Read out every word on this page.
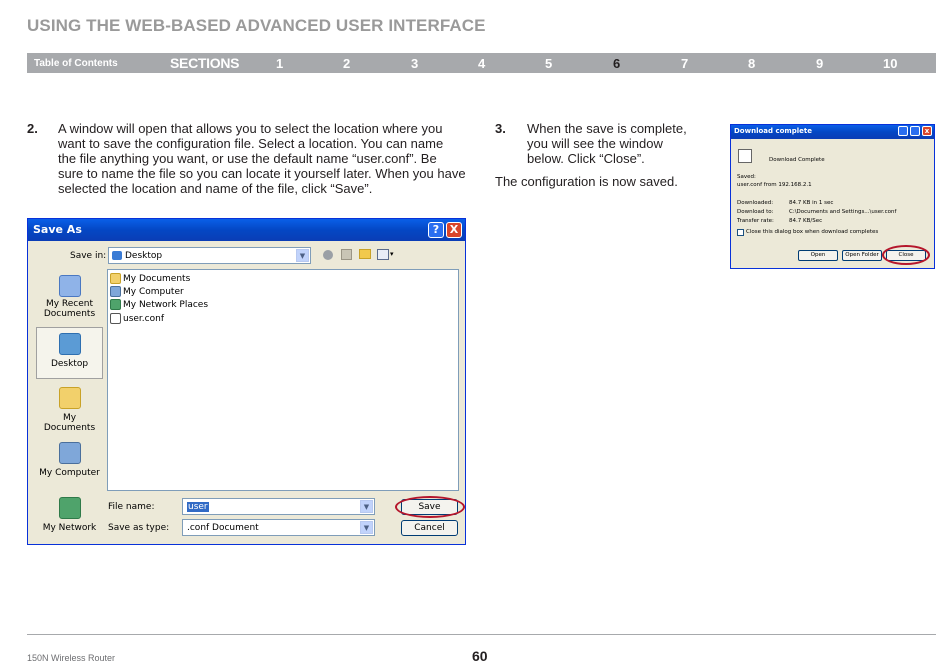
USING THE WEB-BASED ADVANCED USER INTERFACE
Table of Contents	SECTIONS	1	2	3	4	5	6	7	8	9	10
2. A window will open that allows you to select the location where you
want to save the configuration file. Select a location. You can name
the file anything you want, or use the default name “user.conf”. Be
sure to name the file so you can locate it yourself later. When you have
selected the location and name of the file, click “Save”.
3. When the save is complete,
you will see the window
below. Click “Close”.
The configuration is now saved.
Save As	? X
Save in: Desktop	▼	▾
My Recent Documents
Desktop
My Documents
My Computer
My Network
My Documents
My Computer
My Network Places
user.conf
File name:	user	▼
Save as type: .conf Document	▼
Save
Cancel
Download complete	x
Download Complete
Saved:
user.conf from 192.168.2.1
Downloaded:	84.7 KB in 1 sec
Download to:	C:\Documents and Settings...\user.conf
Transfer rate:	84.7 KB/Sec
Close this dialog box when download completes
Open	Open Folder	Close
150N Wireless Router	60
